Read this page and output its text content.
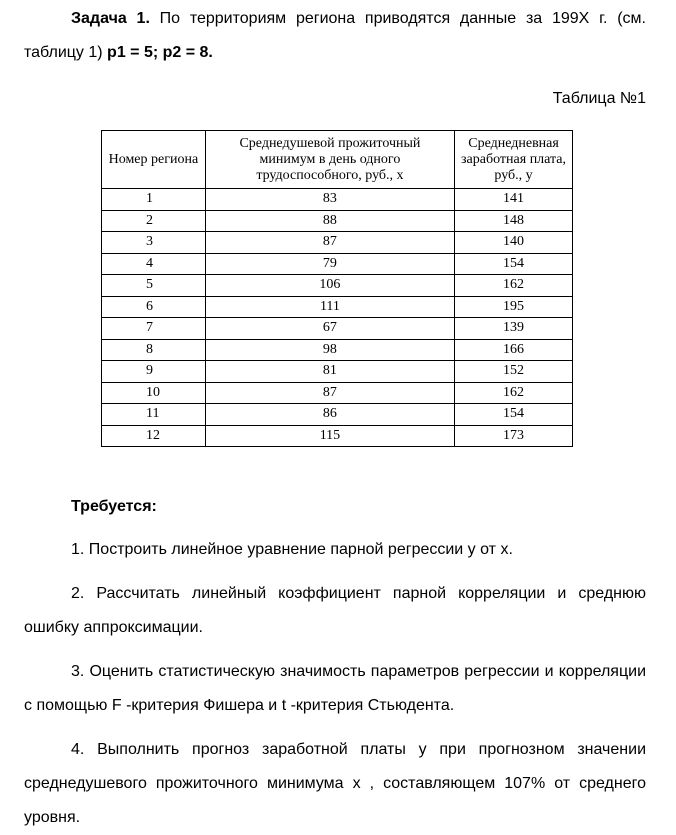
Задача 1. По территориям региона приводятся данные за 199X г. (см. таблицу 1) p1 = 5; p2 = 8.
Таблица №1
Номер региона	Среднедушевой прожиточный минимум в день одного трудоспособного, руб., х	Среднедневная заработная плата, руб., у
1	83	141
2	88	148
3	87	140
4	79	154
5	106	162
6	111	195
7	67	139
8	98	166
9	81	152
10	87	162
11	86	154
12	115	173
Требуется:
1. Построить линейное уравнение парной регрессии у от х.
2. Рассчитать линейный коэффициент парной корреляции и среднюю ошибку аппроксимации.
3. Оценить статистическую значимость параметров регрессии и корреляции с помощью F -критерия Фишера и t -критерия Стьюдента.
4. Выполнить прогноз заработной платы у при прогнозном значении среднедушевого прожиточного минимума х , составляющем 107% от среднего уровня.
